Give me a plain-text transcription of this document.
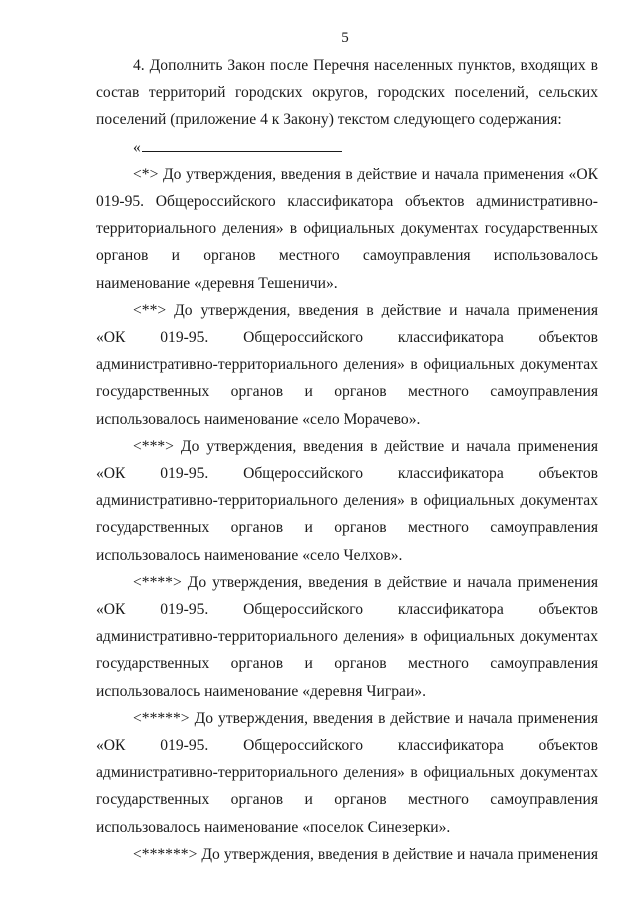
5

4. Дополнить Закон после Перечня населенных пунктов, входящих в состав территорий городских округов, городских поселений, сельских поселений (приложение 4 к Закону) текстом следующего содержания:

«

<*> До утверждения, введения в действие и начала применения «ОК 019-95. Общероссийского классификатора объектов административно-территориального деления» в официальных документах государственных органов и органов местного самоуправления использовалось наименование «деревня Тешеничи».

<**> До утверждения, введения в действие и начала применения «ОК 019-95. Общероссийского классификатора объектов административно-территориального деления» в официальных документах государственных органов и органов местного самоуправления использовалось наименование «село Морачево».

<***> До утверждения, введения в действие и начала применения «ОК 019-95. Общероссийского классификатора объектов административно-территориального деления» в официальных документах государственных органов и органов местного самоуправления использовалось наименование «село Челхов».

<****> До утверждения, введения в действие и начала применения «ОК 019-95. Общероссийского классификатора объектов административно-территориального деления» в официальных документах государственных органов и органов местного самоуправления использовалось наименование «деревня Чиграи».

<*****> До утверждения, введения в действие и начала применения «ОК 019-95. Общероссийского классификатора объектов административно-территориального деления» в официальных документах государственных органов и органов местного самоуправления использовалось наименование «поселок Синезерки».

<******> До утверждения, введения в действие и начала применения
